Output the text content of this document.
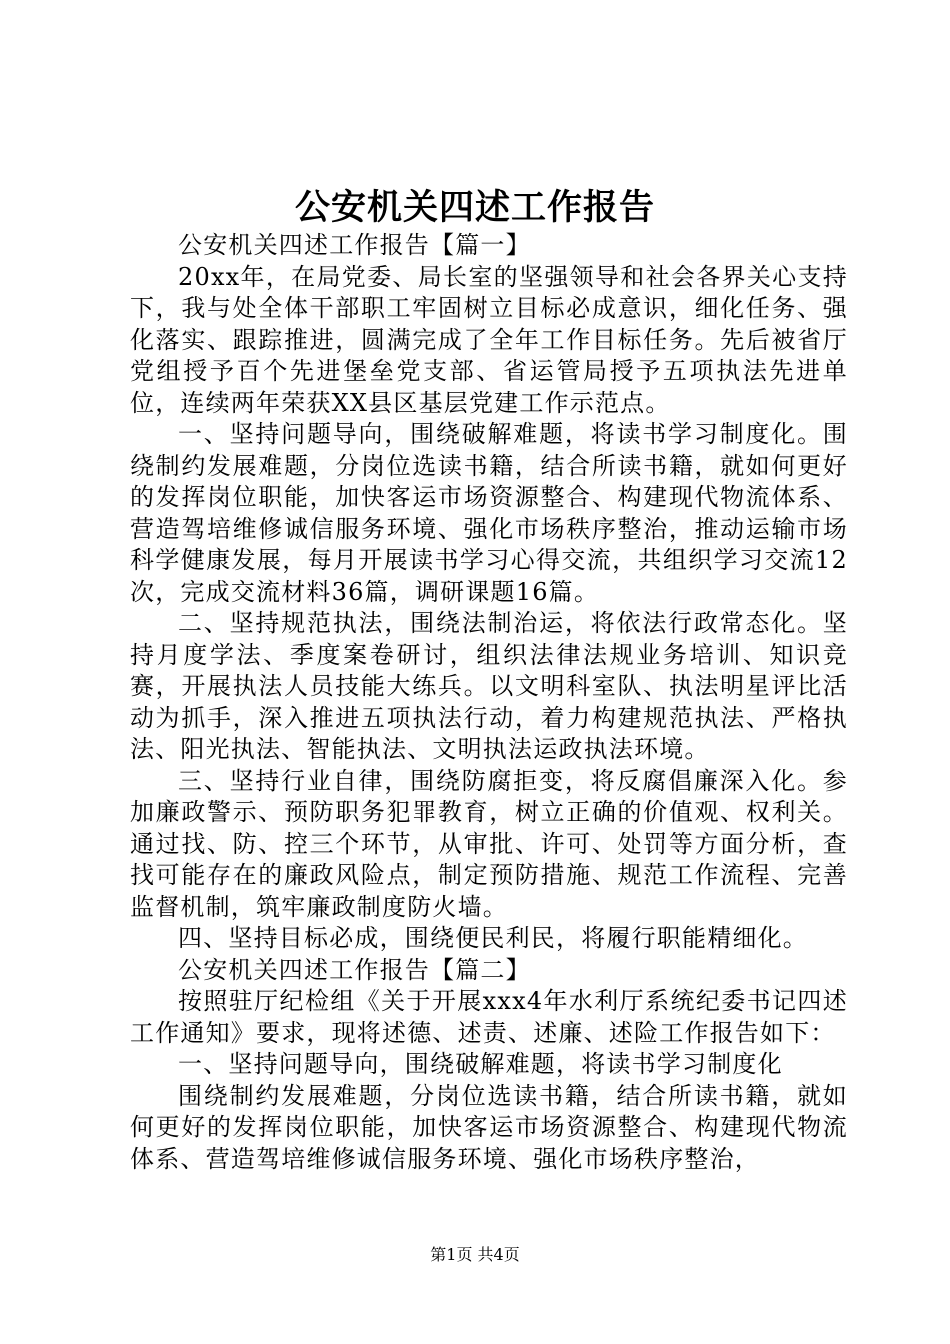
公安机关四述工作报告

公安机关四述工作报告【篇一】

20xx年，在局党委、局长室的坚强领导和社会各界关心支持下，我与处全体干部职工牢固树立目标必成意识，细化任务、强化落实、跟踪推进，圆满完成了全年工作目标任务。先后被省厅党组授予百个先进堡垒党支部、省运管局授予五项执法先进单位，连续两年荣获XX县区基层党建工作示范点。

一、坚持问题导向，围绕破解难题，将读书学习制度化。围绕制约发展难题，分岗位选读书籍，结合所读书籍，就如何更好的发挥岗位职能，加快客运市场资源整合、构建现代物流体系、营造驾培维修诚信服务环境、强化市场秩序整治，推动运输市场科学健康发展，每月开展读书学习心得交流，共组织学习交流12次，完成交流材料36篇，调研课题16篇。

二、坚持规范执法，围绕法制治运，将依法行政常态化。坚持月度学法、季度案卷研讨，组织法律法规业务培训、知识竞赛，开展执法人员技能大练兵。以文明科室队、执法明星评比活动为抓手，深入推进五项执法行动，着力构建规范执法、严格执法、阳光执法、智能执法、文明执法运政执法环境。

三、坚持行业自律，围绕防腐拒变，将反腐倡廉深入化。参加廉政警示、预防职务犯罪教育，树立正确的价值观、权利关。通过找、防、控三个环节，从审批、许可、处罚等方面分析，查找可能存在的廉政风险点，制定预防措施、规范工作流程、完善监督机制，筑牢廉政制度防火墙。

四、坚持目标必成，围绕便民利民，将履行职能精细化。

公安机关四述工作报告【篇二】

按照驻厅纪检组《关于开展xxx4年水利厅系统纪委书记四述工作通知》要求，现将述德、述责、述廉、述险工作报告如下：

一、坚持问题导向，围绕破解难题，将读书学习制度化

围绕制约发展难题，分岗位选读书籍，结合所读书籍，就如何更好的发挥岗位职能，加快客运市场资源整合、构建现代物流体系、营造驾培维修诚信服务环境、强化市场秩序整治，

第1页 共4页
